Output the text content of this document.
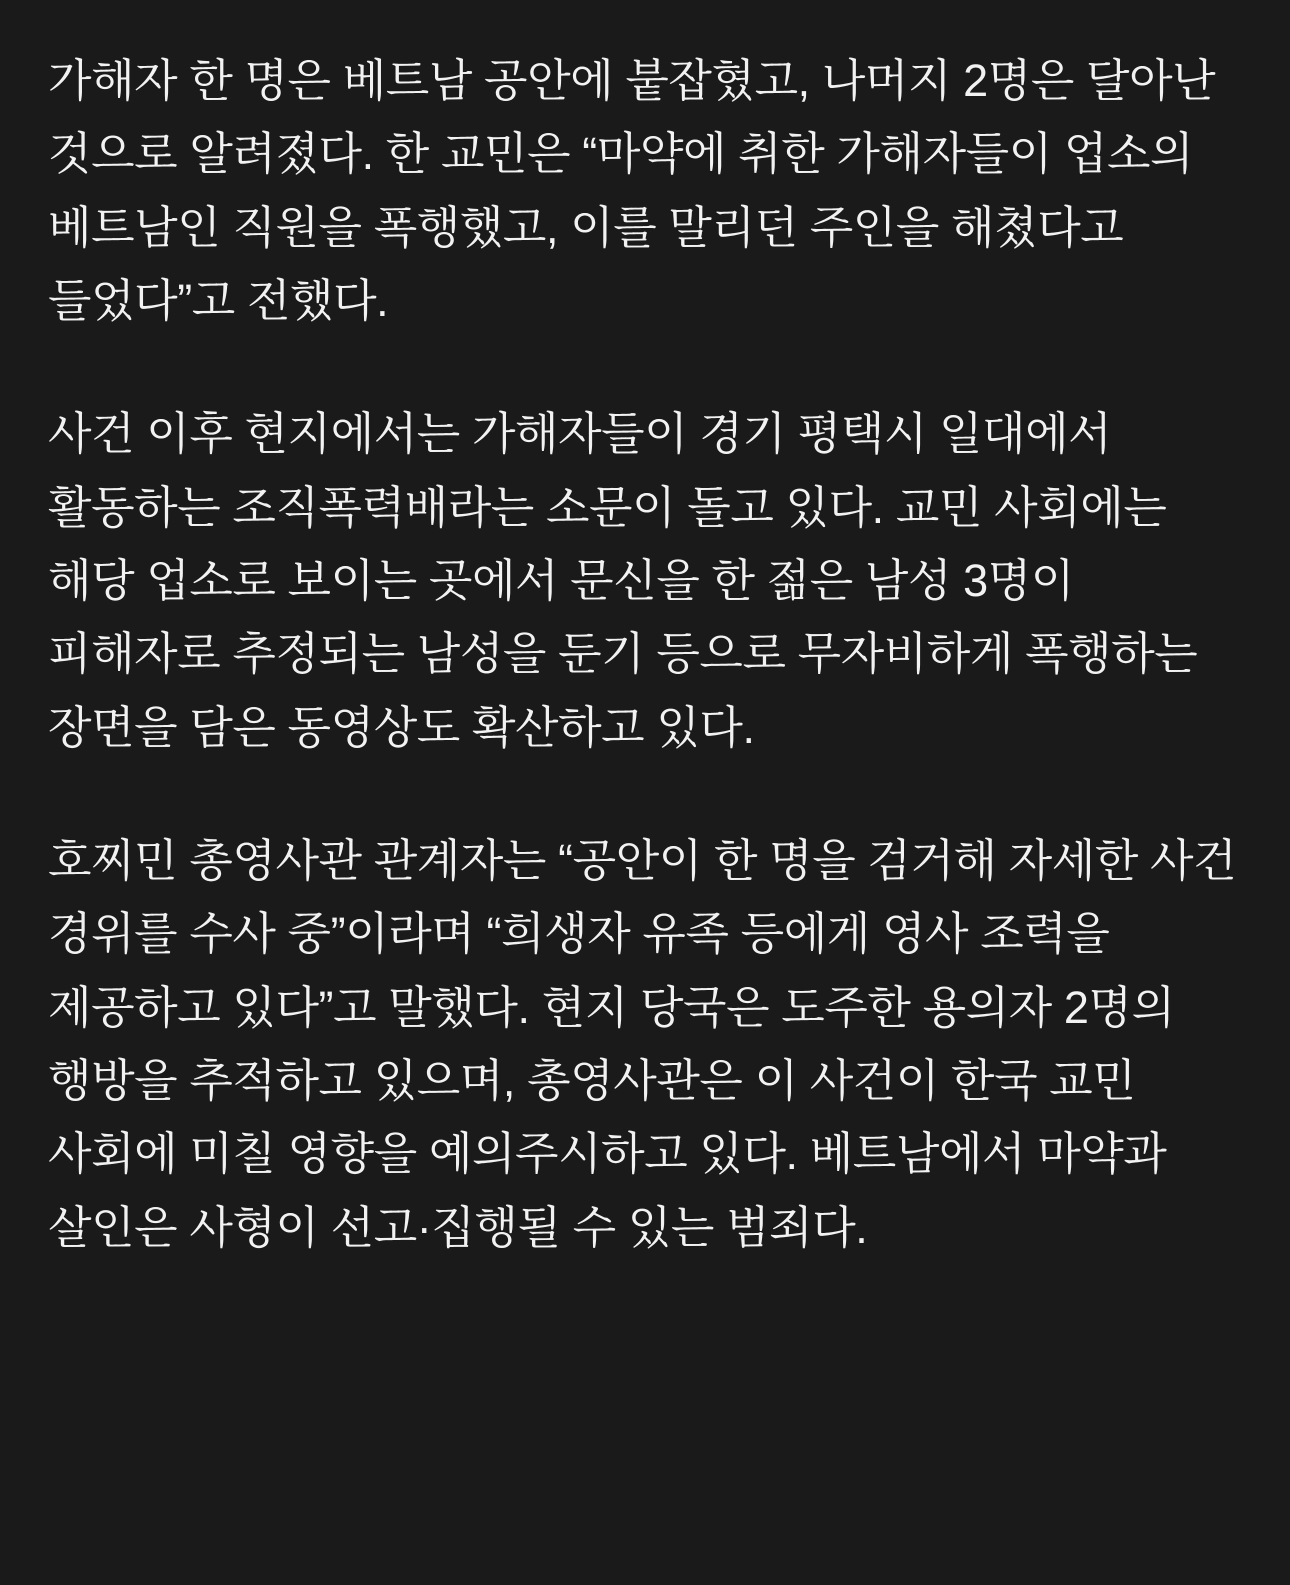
가해자 한 명은 베트남 공안에 붙잡혔고, 나머지 2명은 달아난 것으로 알려졌다. 한 교민은 “마약에 취한 가해자들이 업소의 베트남인 직원을 폭행했고, 이를 말리던 주인을 해쳤다고 들었다”고 전했다.

사건 이후 현지에서는 가해자들이 경기 평택시 일대에서 활동하는 조직폭력배라는 소문이 돌고 있다. 교민 사회에는 해당 업소로 보이는 곳에서 문신을 한 젊은 남성 3명이 피해자로 추정되는 남성을 둔기 등으로 무자비하게 폭행하는 장면을 담은 동영상도 확산하고 있다.

호찌민 총영사관 관계자는 “공안이 한 명을 검거해 자세한 사건 경위를 수사 중”이라며 “희생자 유족 등에게 영사 조력을 제공하고 있다”고 말했다. 현지 당국은 도주한 용의자 2명의 행방을 추적하고 있으며, 총영사관은 이 사건이 한국 교민 사회에 미칠 영향을 예의주시하고 있다. 베트남에서 마약과 살인은 사형이 선고·집행될 수 있는 범죄다.
